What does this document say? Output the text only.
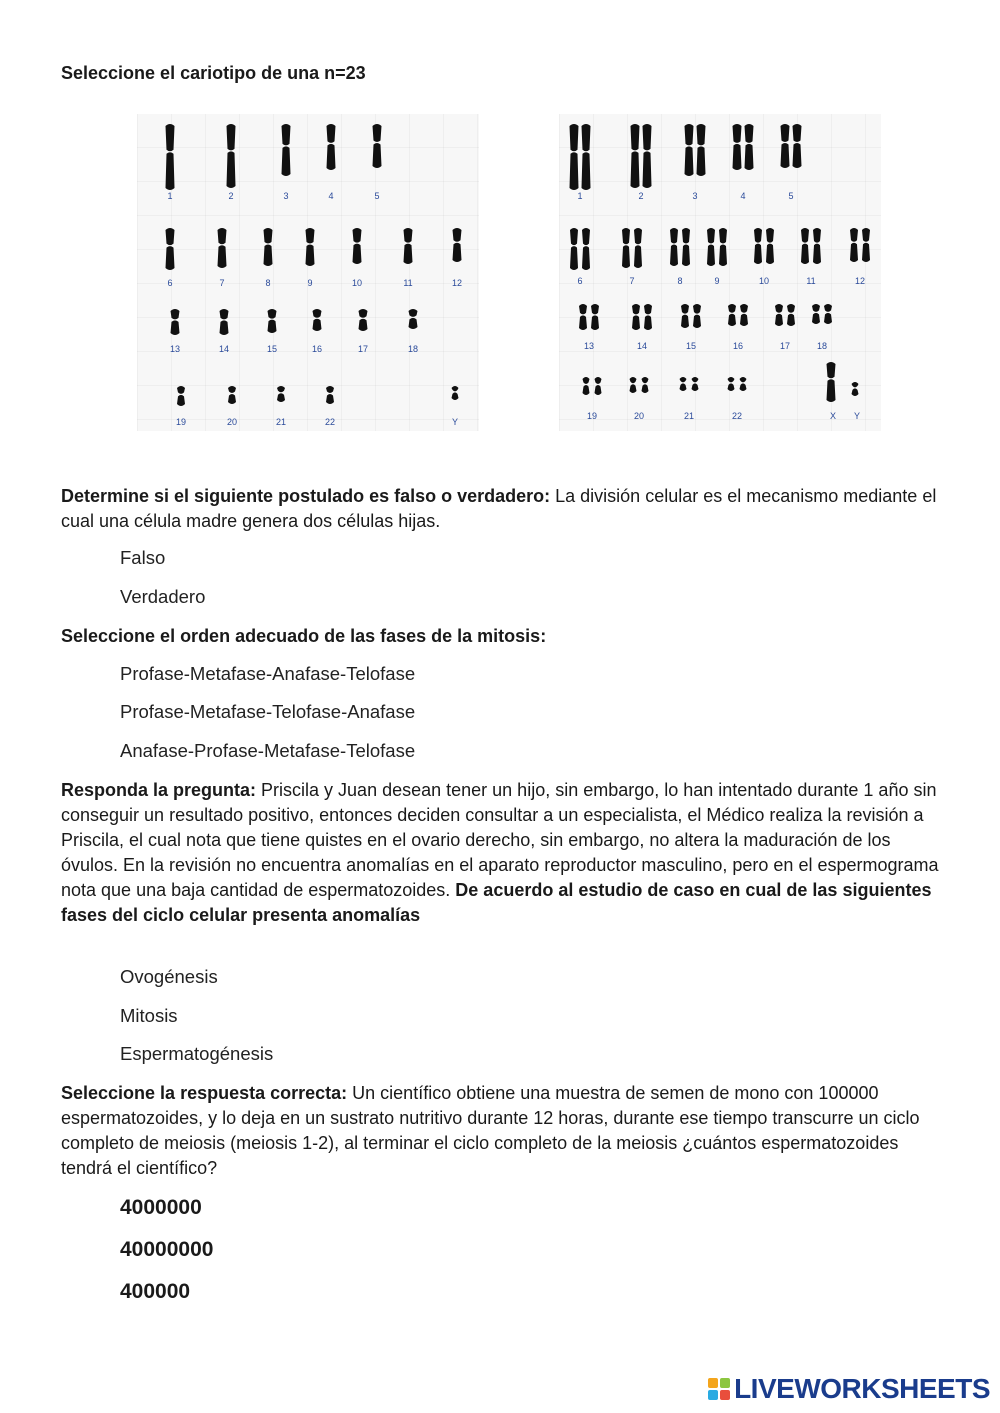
Seleccione el cariotipo de una n=23
1	2	3	4	5
6	7	8	9	10	11	12
13	14	15	16	17	18
19	20	21	22	Y
1	2	3	4	5
6	7	8	9	10	11	12
13	14	15	16	17	18
19	20	21	22	X Y
Determine si el siguiente postulado es falso o verdadero: La división celular es el mecanismo mediante el cual una célula madre genera dos células hijas.
Falso
Verdadero
Seleccione el orden adecuado de las fases de la mitosis:
Profase-Metafase-Anafase-Telofase
Profase-Metafase-Telofase-Anafase
Anafase-Profase-Metafase-Telofase
Responda la pregunta: Priscila y Juan desean tener un hijo, sin embargo, lo han intentado durante 1 año sin conseguir un resultado positivo, entonces deciden consultar a un especialista, el Médico realiza la revisión a Priscila, el cual nota que tiene quistes en el ovario derecho, sin embargo, no altera la maduración de los óvulos. En la revisión no encuentra anomalías en el aparato reproductor masculino, pero en el espermograma nota que una baja cantidad de espermatozoides. De acuerdo al estudio de caso en cual de las siguientes fases del ciclo celular presenta anomalías
Ovogénesis
Mitosis
Espermatogénesis
Seleccione la respuesta correcta: Un científico obtiene una muestra de semen de mono con 100000 espermatozoides, y lo deja en un sustrato nutritivo durante 12 horas, durante ese tiempo transcurre un ciclo completo de meiosis (meiosis 1-2), al terminar el ciclo completo de la meiosis ¿cuántos espermatozoides tendrá el científico?
4000000
40000000
400000
LIVEWORKSHEETS
